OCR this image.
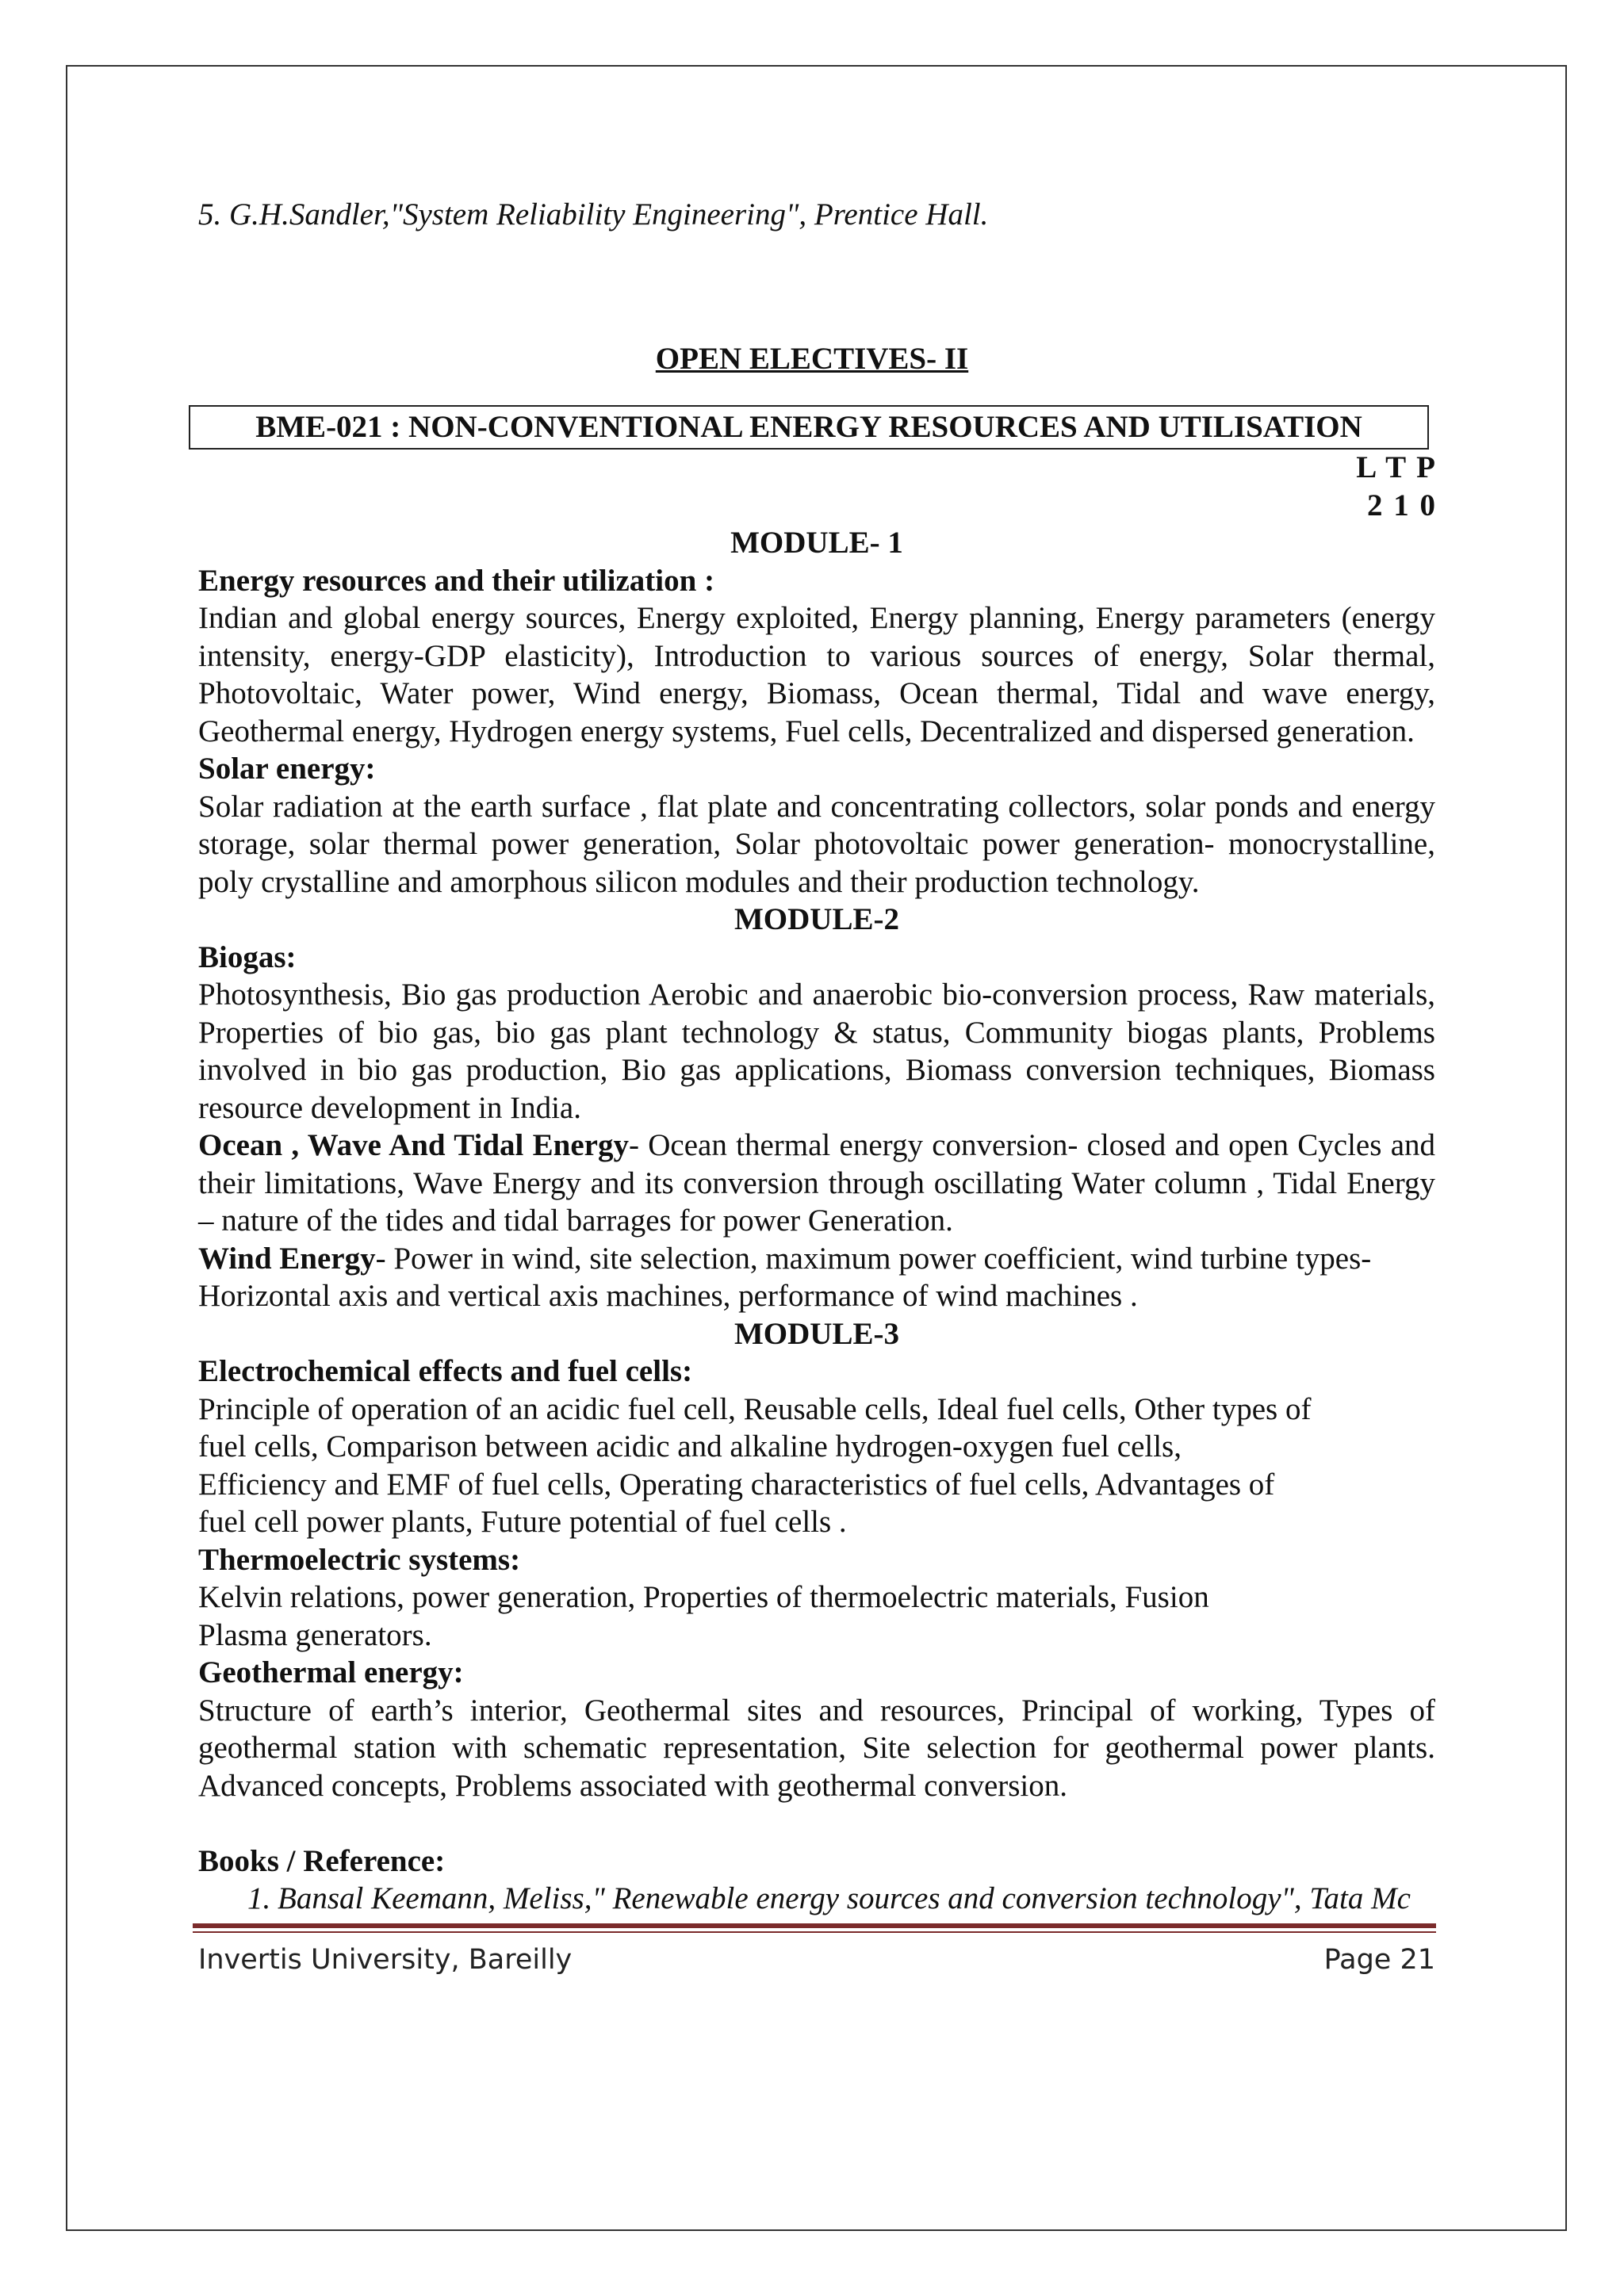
5. G.H.Sandler,"System Reliability Engineering", Prentice Hall.
OPEN ELECTIVES- II
BME-021 : NON-CONVENTIONAL ENERGY RESOURCES AND UTILISATION
L T P
2 1 0
MODULE- 1
Energy resources and their utilization :
Indian and global energy sources, Energy exploited, Energy planning, Energy parameters (energy intensity, energy-GDP elasticity), Introduction to various sources of energy, Solar thermal, Photovoltaic, Water power, Wind energy, Biomass, Ocean thermal, Tidal and wave energy, Geothermal energy, Hydrogen energy systems, Fuel cells, Decentralized and dispersed generation.
Solar energy:
Solar radiation at the earth surface , flat plate and concentrating collectors, solar ponds and energy storage, solar thermal power generation, Solar photovoltaic power generation- monocrystalline, poly crystalline and amorphous silicon modules and their production technology.
MODULE-2
Biogas:
Photosynthesis, Bio gas production Aerobic and anaerobic bio-conversion process, Raw materials, Properties of bio gas, bio gas plant technology & status, Community biogas plants, Problems involved in bio gas production, Bio gas applications, Biomass conversion techniques, Biomass resource development in India.
Ocean , Wave And Tidal Energy- Ocean thermal energy conversion- closed and open Cycles and their limitations, Wave Energy and its conversion through oscillating Water column , Tidal Energy – nature of the tides and tidal barrages for power Generation.
Wind Energy- Power in wind, site selection, maximum power coefficient, wind turbine types-
Horizontal axis and vertical axis machines, performance of wind machines .
MODULE-3
Electrochemical effects and fuel cells:
Principle of operation of an acidic fuel cell, Reusable cells, Ideal fuel cells, Other types of
fuel cells, Comparison between acidic and alkaline hydrogen-oxygen fuel cells,
Efficiency and EMF of fuel cells, Operating characteristics of fuel cells, Advantages of
fuel cell power plants, Future potential of fuel cells .
Thermoelectric systems:
Kelvin relations, power generation, Properties of thermoelectric materials, Fusion
Plasma generators.
Geothermal energy:
Structure of earth’s interior, Geothermal sites and resources, Principal of working, Types of geothermal station with schematic representation, Site selection for geothermal power plants. Advanced concepts, Problems associated with geothermal conversion.
Books / Reference:
1. Bansal Keemann, Meliss," Renewable energy sources and conversion technology", Tata Mc
Invertis University, Bareilly	Page 21
